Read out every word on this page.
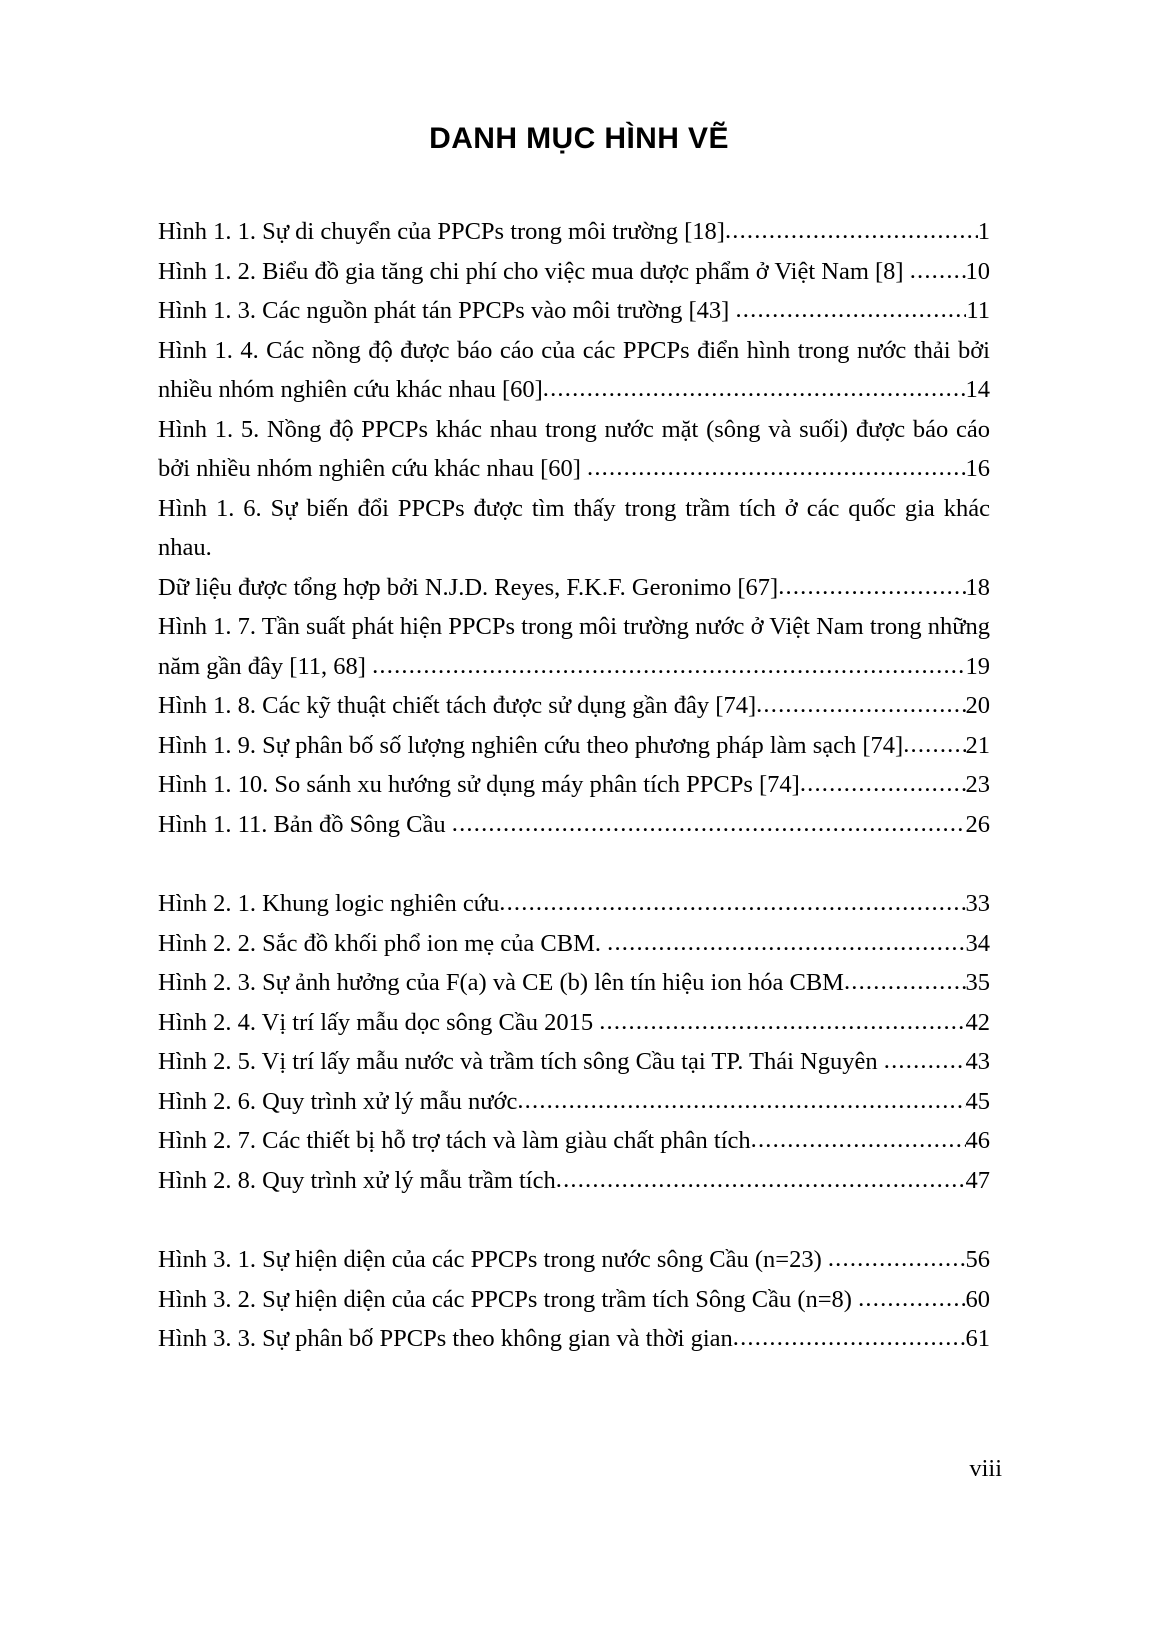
DANH MỤC HÌNH VẼ
Hình 1. 1. Sự di chuyển của PPCPs trong môi trường [18] .....	1
Hình 1. 2. Biểu đồ gia tăng chi phí cho việc mua dược phẩm ở Việt Nam [8] ..... 10
Hình 1. 3. Các nguồn phát tán PPCPs vào môi trường [43] .....	11
Hình 1. 4. Các nồng độ được báo cáo của các PPCPs điển hình trong nước thải bởi
nhiều nhóm nghiên cứu khác nhau [60] .....	14
Hình 1. 5. Nồng độ PPCPs khác nhau trong nước mặt (sông và suối) được báo cáo
bởi nhiều nhóm nghiên cứu khác nhau [60] .....	16
Hình 1. 6. Sự biến đổi PPCPs được tìm thấy trong trầm tích ở các quốc gia khác nhau.
Dữ liệu được tổng hợp bởi N.J.D. Reyes, F.K.F. Geronimo [67] .....	18
Hình 1. 7. Tần suất phát hiện PPCPs trong môi trường nước ở Việt Nam trong những
năm gần đây [11, 68] .....	19
Hình 1. 8. Các kỹ thuật chiết tách được sử dụng gần đây [74] .....	20
Hình 1. 9. Sự phân bố số lượng nghiên cứu theo phương pháp làm sạch [74] .....	21
Hình 1. 10. So sánh xu hướng sử dụng máy phân tích PPCPs [74] .....	23
Hình 1. 11. Bản đồ Sông Cầu .....	26
Hình 2. 1. Khung logic nghiên cứu .....	33
Hình 2. 2. Sắc đồ khối phổ ion mẹ của CBM. .....	34
Hình 2. 3. Sự ảnh hưởng của F(a) và CE (b) lên tín hiệu ion hóa CBM .....	35
Hình 2. 4. Vị trí lấy mẫu dọc sông Cầu 2015 .....	42
Hình 2. 5. Vị trí lấy mẫu nước và trầm tích sông Cầu tại TP. Thái Nguyên .....	43
Hình 2. 6. Quy trình xử lý mẫu nước .....	45
Hình 2. 7. Các thiết bị hỗ trợ tách và làm giàu chất phân tích .....	46
Hình 2. 8. Quy trình xử lý mẫu trầm tích .....	47
Hình 3. 1. Sự hiện diện của các PPCPs trong nước sông Cầu (n=23) .....	56
Hình 3. 2. Sự hiện diện của các PPCPs trong trầm tích Sông Cầu (n=8) .....	60
Hình 3. 3. Sự phân bố PPCPs theo không gian và thời gian .....	61
viii
